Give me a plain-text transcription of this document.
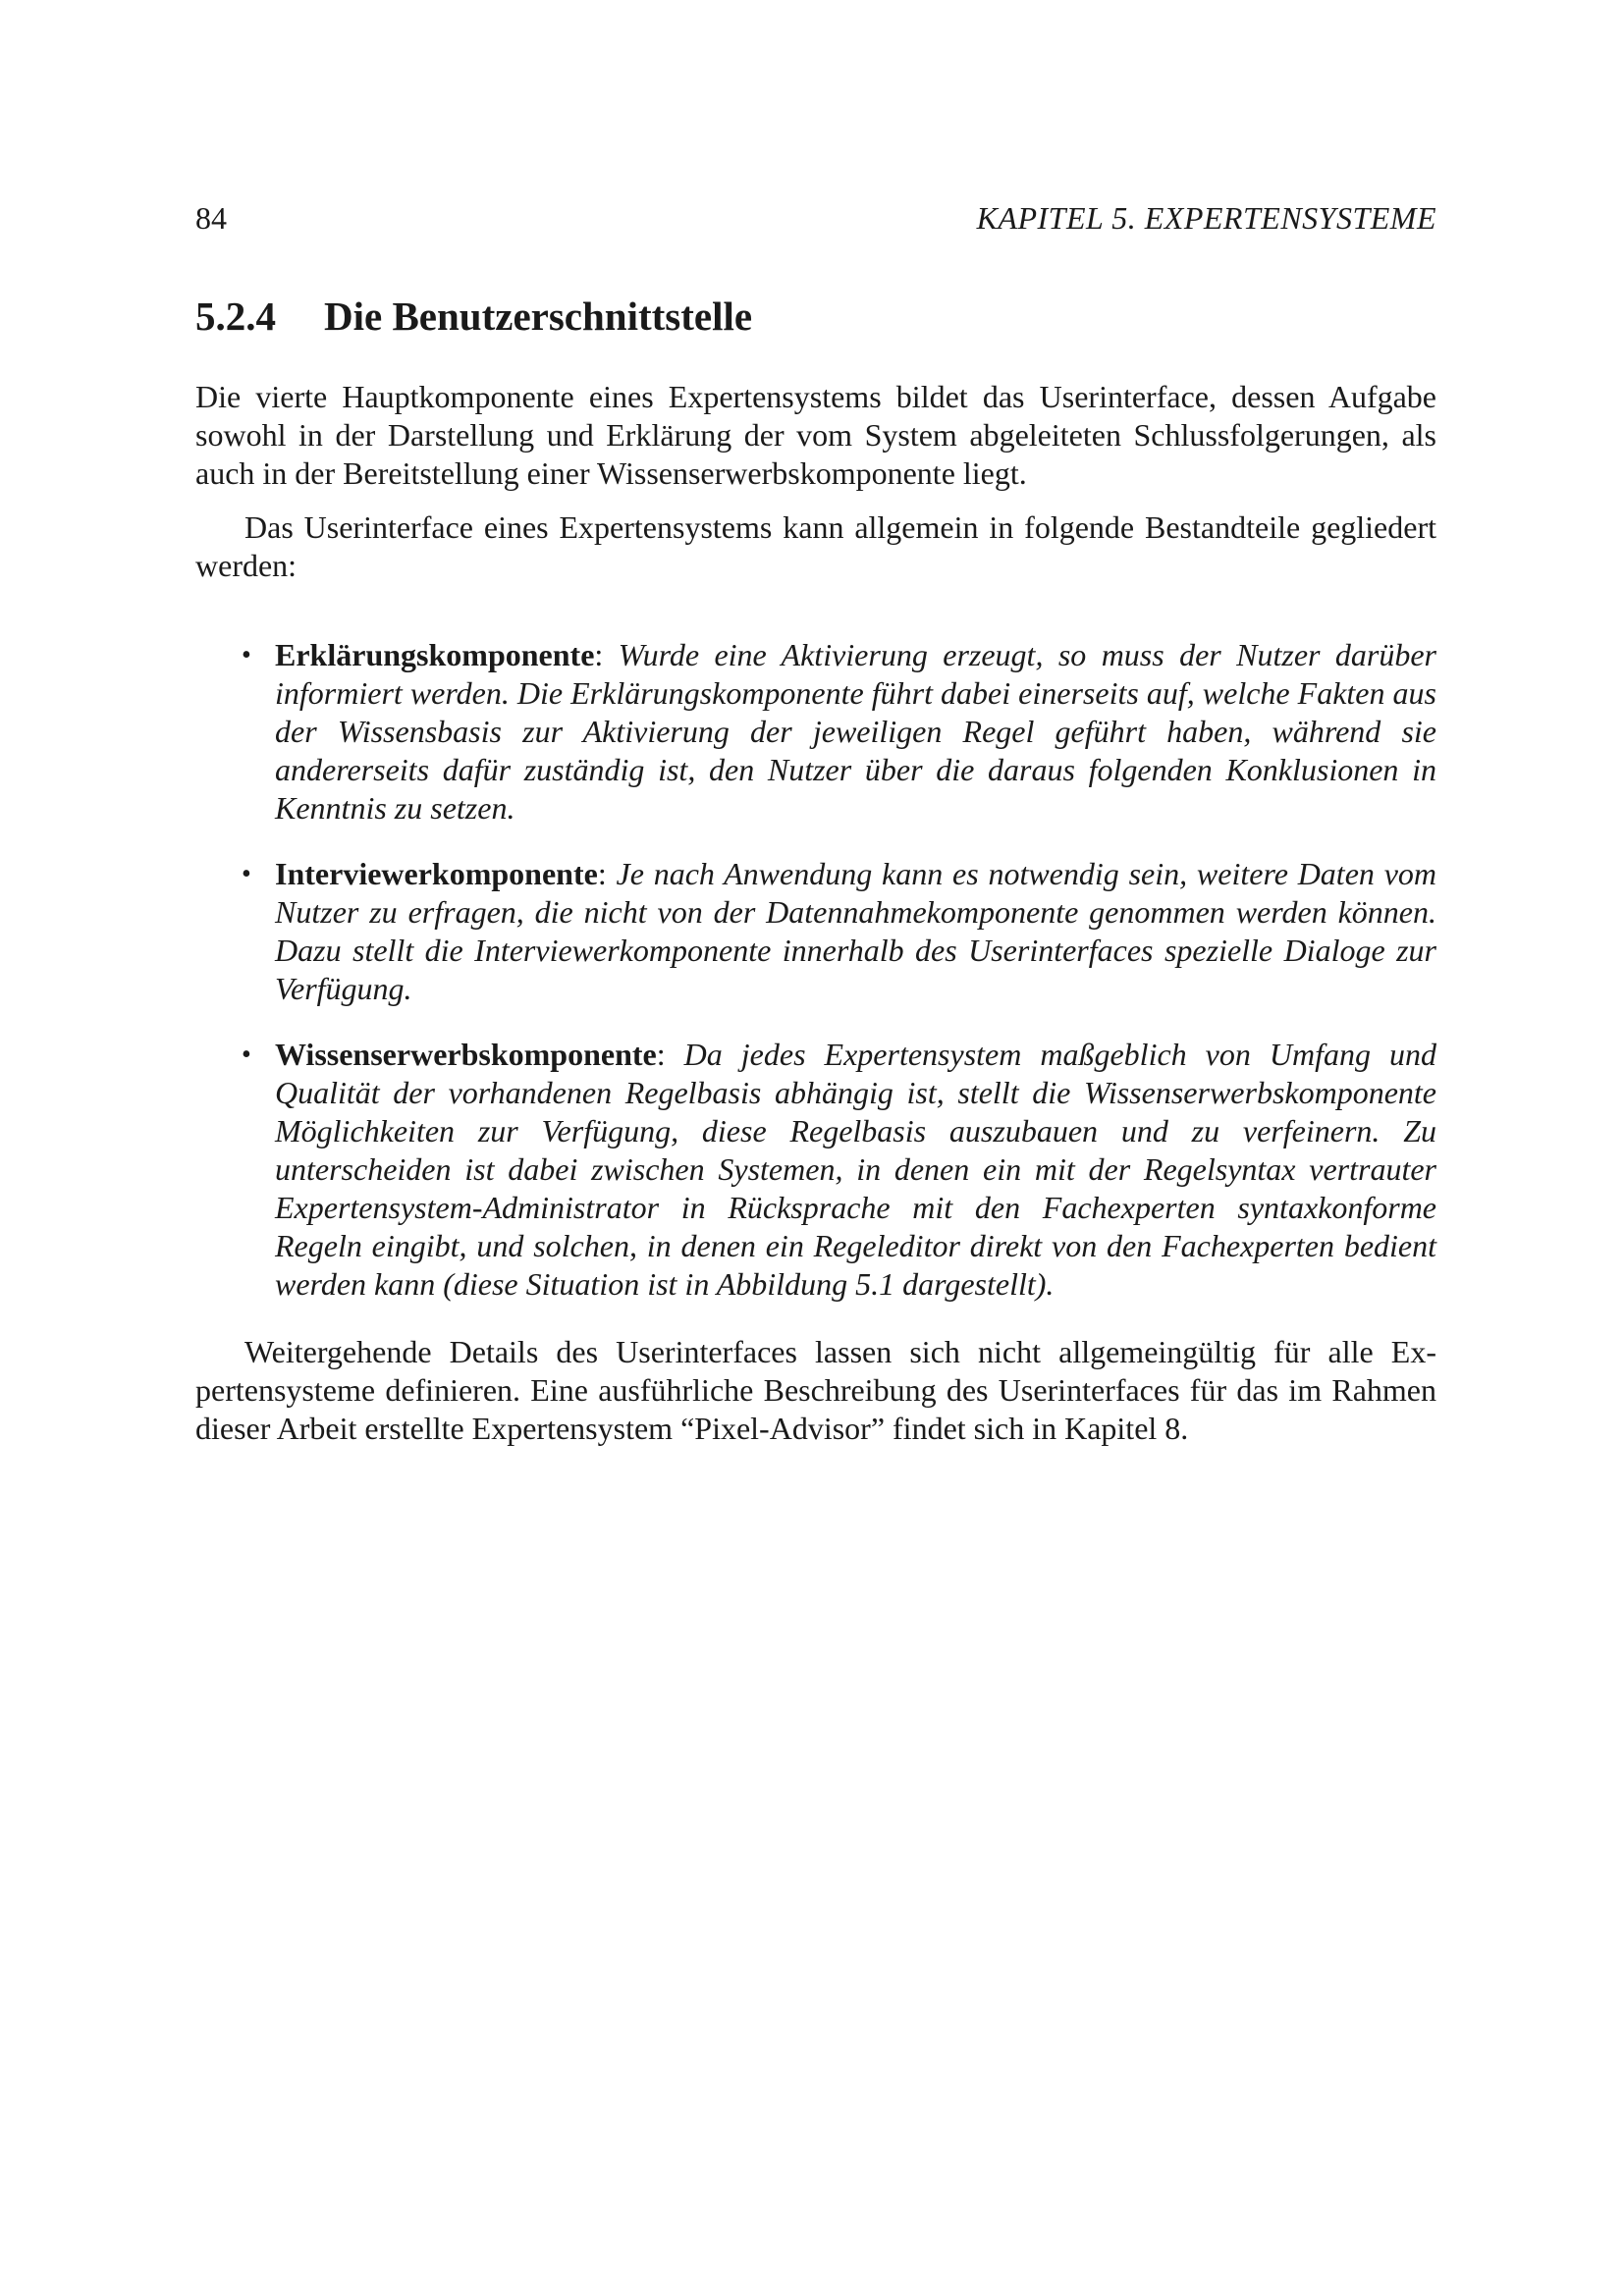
84	KAPITEL 5. EXPERTENSYSTEME
5.2.4 Die Benutzerschnittstelle

Die vierte Hauptkomponente eines Expertensystems bildet das Userinterface, dessen Aufgabe sowohl in der Darstellung und Erklärung der vom System abgeleiteten Schlussfolgerungen, als auch in der Bereitstellung einer Wissenserwerbskomponente liegt.

Das Userinterface eines Expertensystems kann allgemein in folgende Bestandteile gegliedert werden:

• Erklärungskomponente: Wurde eine Aktivierung erzeugt, so muss der Nutzer darüber informiert werden. Die Erklärungskomponente führt dabei einerseits auf, welche Fakten aus der Wissensbasis zur Aktivierung der jeweiligen Regel geführt haben, während sie andererseits dafür zuständig ist, den Nutzer über die daraus folgenden Konklusionen in Kenntnis zu setzen.
• Interviewerkomponente: Je nach Anwendung kann es notwendig sein, weitere Daten vom Nutzer zu erfragen, die nicht von der Datennahmekomponente genommen werden können. Dazu stellt die Interviewerkomponente innerhalb des Userinterfaces spezielle Dialoge zur Verfügung.
• Wissenserwerbskomponente: Da jedes Expertensystem maßgeblich von Umfang und Qualität der vorhandenen Regelbasis abhängig ist, stellt die Wissenserwerbskomponente Möglichkeiten zur Verfügung, diese Regelbasis auszubauen und zu verfeinern. Zu unterscheiden ist dabei zwischen Systemen, in denen ein mit der Regelsyntax vertrauter Expertensystem-Administrator in Rücksprache mit den Fachexperten syntaxkonforme Regeln eingibt, und solchen, in denen ein Regeleditor direkt von den Fachexperten bedient werden kann (diese Situation ist in Abbildung 5.1 dargestellt).

Weitergehende Details des Userinterfaces lassen sich nicht allgemeingültig für alle Expertensysteme definieren. Eine ausführliche Beschreibung des Userinterfaces für das im Rahmen dieser Arbeit erstellte Expertensystem “Pixel-Advisor” findet sich in Kapitel 8.
